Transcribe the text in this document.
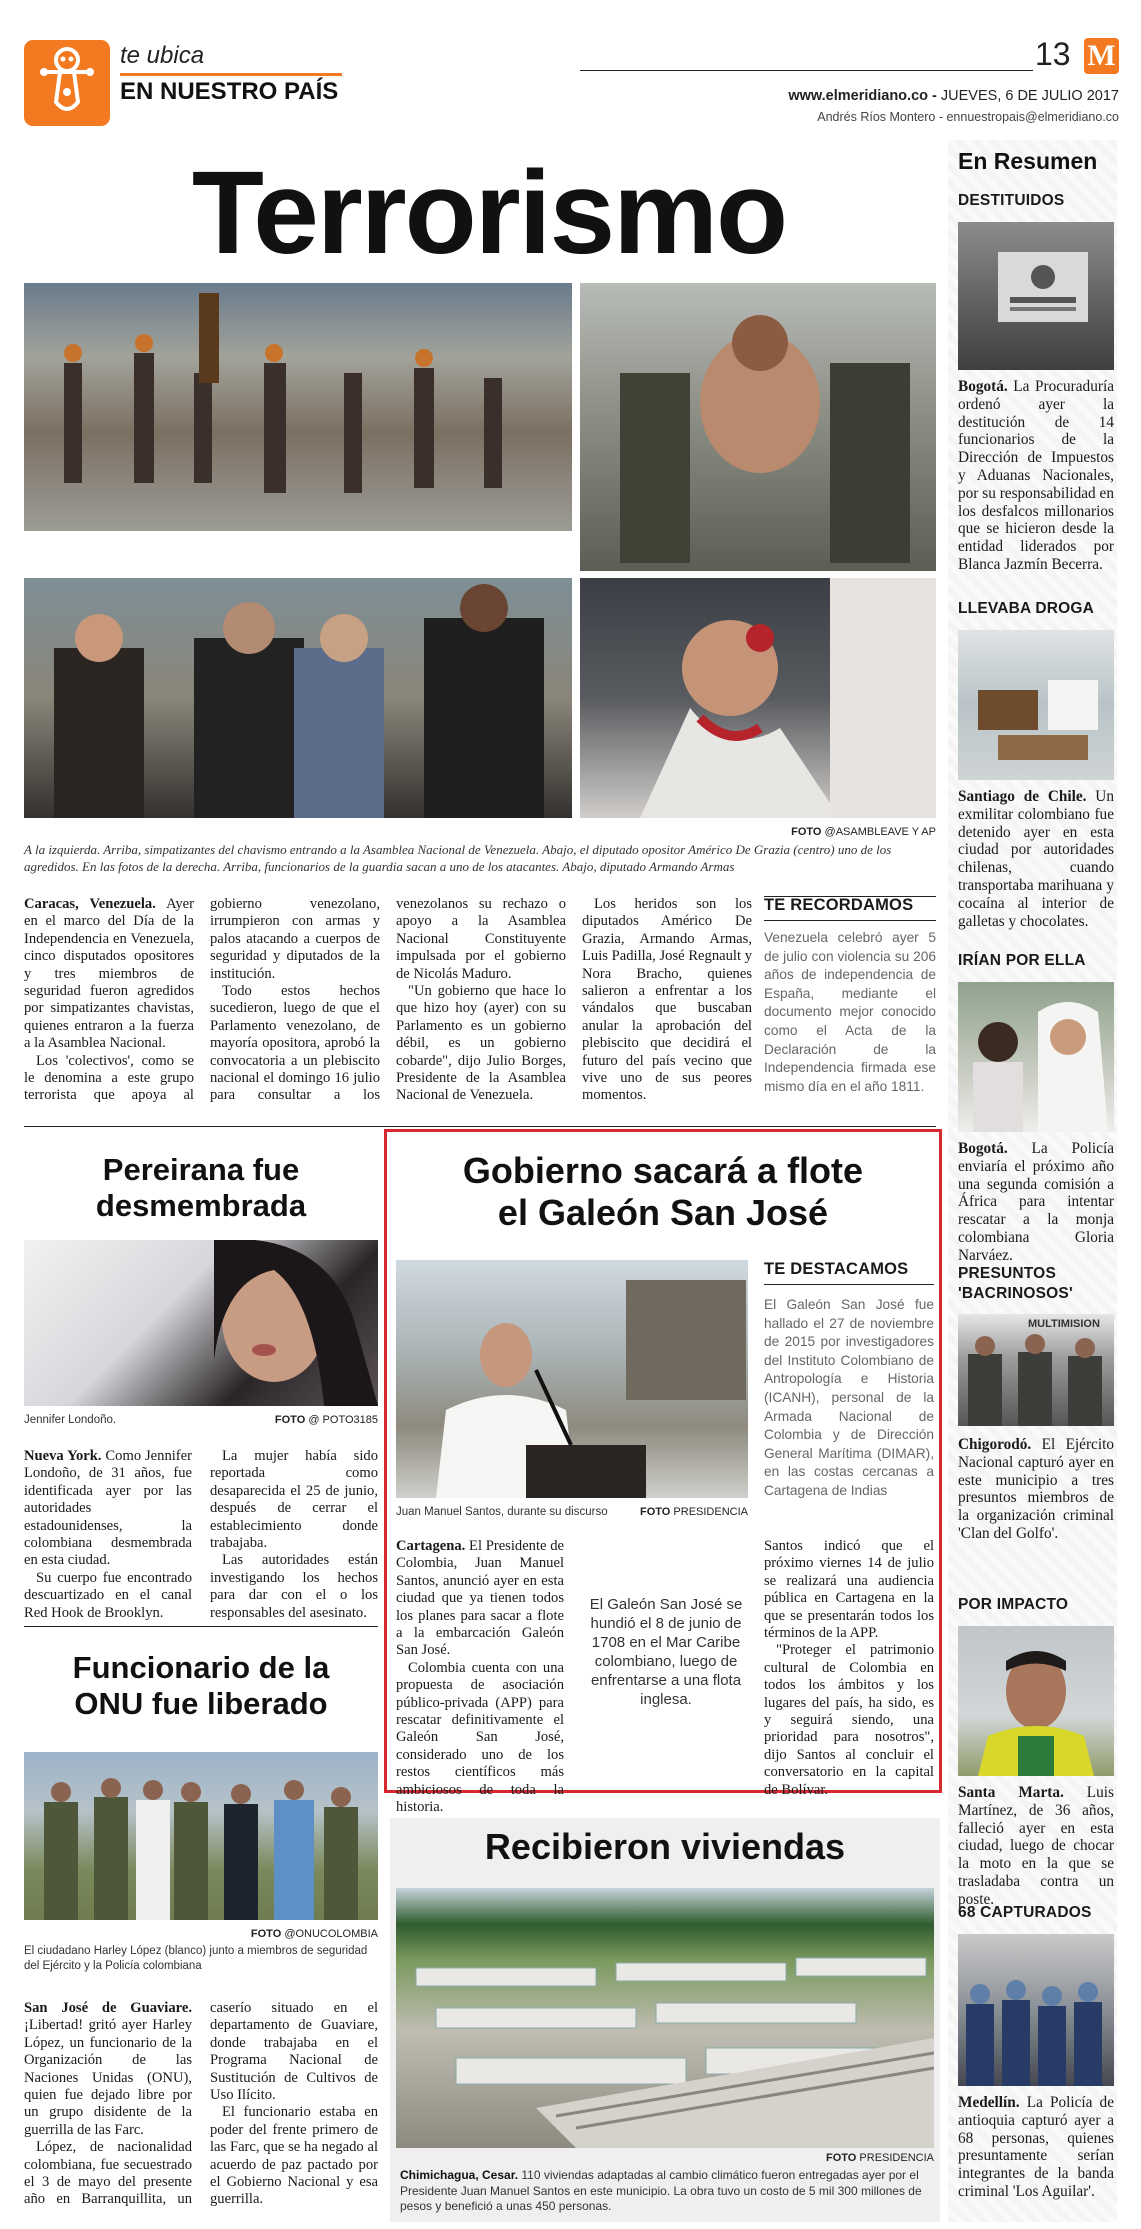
te ubica
EN NUESTRO PAÍS
13 M
www.elmeridiano.co - JUEVES, 6 DE JULIO 2017
Andrés Ríos Montero - ennuestropais@elmeridiano.co
Terrorismo
FOTO @ASAMBLEAVE Y AP
A la izquierda. Arriba, simpatizantes del chavismo entrando a la Asamblea Nacional de Venezuela. Abajo, el diputado opositor Américo De Grazia (centro) uno de los agredidos. En las fotos de la derecha. Arriba, funcionarios de la guardia sacan a uno de los atacantes. Abajo, diputado Armando Armas

Caracas, Venezuela. Ayer en el marco del Día de la Independencia en Venezuela, cinco disputados opositores y tres miembros de seguridad fueron agredidos por simpatizantes chavistas, quienes entraron a la fuerza a la Asamblea Nacional.

Los 'colectivos', como se le denomina a este grupo terrorista que apoya al gobierno venezolano, irrumpieron con armas y palos atacando a cuerpos de seguridad y diputados de la institución.

Todo estos hechos sucedieron, luego de que el Parlamento venezolano, de mayoría opositora, aprobó la convocatoria a un plebiscito nacional el domingo 16 julio para consultar a los venezolanos su rechazo o apoyo a la Asamblea Nacional Constituyente impulsada por el gobierno de Nicolás Maduro.

"Un gobierno que hace lo que hizo hoy (ayer) con su Parlamento es un gobierno débil, es un gobierno cobarde", dijo Julio Borges, Presidente de la Asamblea Nacional de Venezuela.

Los heridos son los diputados Américo De Grazia, Armando Armas, Luis Padilla, José Regnault y Nora Bracho, quienes salieron a enfrentar a los vándalos que buscaban anular la aprobación del plebiscito que decidirá el futuro del país vecino que vive uno de sus peores momentos.

TE RECORDAMOS
Venezuela celebró ayer 5 de julio con violencia su 206 años de independencia de España, mediante el documento mejor conocido como el Acta de la Declaración de la Independencia firmada ese mismo día en el año 1811.
Pereirana fue
desmembrada
Jennifer Londoño.	FOTO @ POTO3185

Nueva York. Como Jennifer Londoño, de 31 años, fue identificada ayer por las autoridades estadounidenses, la colombiana desmembrada en esta ciudad.

Su cuerpo fue encontrado descuartizado en el canal Red Hook de Brooklyn.

La mujer había sido reportada como desaparecida el 25 de junio, después de cerrar el establecimiento donde trabajaba.

Las autoridades están investigando los hechos para dar con el o los responsables del asesinato.

Funcionario de la
ONU fue liberado
FOTO @ONUCOLOMBIA
El ciudadano Harley López (blanco) junto a miembros de seguridad del Ejército y la Policía colombiana

San José de Guaviare. ¡Libertad! gritó ayer Harley López, un funcionario de la Organización de las Naciones Unidas (ONU), quien fue dejado libre por un grupo disidente de la guerrilla de las Farc.

López, de nacionalidad colombiana, fue secuestrado el 3 de mayo del presente año en Barranquillita, un caserío situado en el departamento de Guaviare, donde trabajaba en el Programa Nacional de Sustitución de Cultivos de Uso Ilícito.

El funcionario estaba en poder del frente primero de las Farc, que se ha negado al acuerdo de paz pactado por el Gobierno Nacional y esa guerrilla.

Gobierno sacará a flote
el Galeón San José
Juan Manuel Santos, durante su discurso	FOTO PRESIDENCIA
TE DESTACAMOS
El Galeón San José fue hallado el 27 de noviembre de 2015 por investigadores del Instituto Colombiano de Antropología e Historia (ICANH), personal de la Armada Nacional de Colombia y de Dirección General Marítima (DIMAR), en las costas cercanas a Cartagena de Indias

Cartagena. El Presidente de Colombia, Juan Manuel Santos, anunció ayer en esta ciudad que ya tienen todos los planes para sacar a flote a la embarcación Galeón San José.

Colombia cuenta con una propuesta de asociación público-privada (APP) para rescatar definitivamente el Galeón San José, considerado uno de los restos científicos más ambiciosos de toda la historia.

El Galeón San José se hundió el 8 de junio de 1708 en el Mar Caribe colombiano, luego de enfrentarse a una flota inglesa.

Santos indicó que el próximo viernes 14 de julio se realizará una audiencia pública en Cartagena en la que se presentarán todos los términos de la APP.

"Proteger el patrimonio cultural de Colombia en todos los ámbitos y los lugares del país, ha sido, es y seguirá siendo, una prioridad para nosotros", dijo Santos al concluir el conversatorio en la capital de Bolívar.

Recibieron viviendas
FOTO PRESIDENCIA
Chimichagua, Cesar. 110 viviendas adaptadas al cambio climático fueron entregadas ayer por el Presidente Juan Manuel Santos en este municipio. La obra tuvo un costo de 5 mil 300 millones de pesos y benefició a unas 450 personas.
En Resumen
DESTITUIDOS
Bogotá. La Procuraduría ordenó ayer la destitución de 14 funcionarios de la Dirección de Impuestos y Aduanas Nacionales, por su responsabilidad en los desfalcos millonarios que se hicieron desde la entidad liderados por Blanca Jazmín Becerra.
LLEVABA DROGA
Santiago de Chile. Un exmilitar colombiano fue detenido ayer en esta ciudad por autoridades chilenas, cuando transportaba marihuana y cocaína al interior de galletas y chocolates.
IRÍAN POR ELLA
Bogotá. La Policía enviaría el próximo año una segunda comisión a África para intentar rescatar a la monja colombiana Gloria Narváez.
PRESUNTOS 'BACRINOSOS'
MULTIMISION
Chigorodó. El Ejército Nacional capturó ayer en este municipio a tres presuntos miembros de la organización criminal 'Clan del Golfo'.
POR IMPACTO
Santa Marta. Luis Martínez, de 36 años, falleció ayer en esta ciudad, luego de chocar la moto en la que se trasladaba contra un poste.
68 CAPTURADOS
Medellín. La Policía de antioquia capturó ayer a 68 personas, quienes presuntamente serían integrantes de la banda criminal 'Los Aguilar'.
